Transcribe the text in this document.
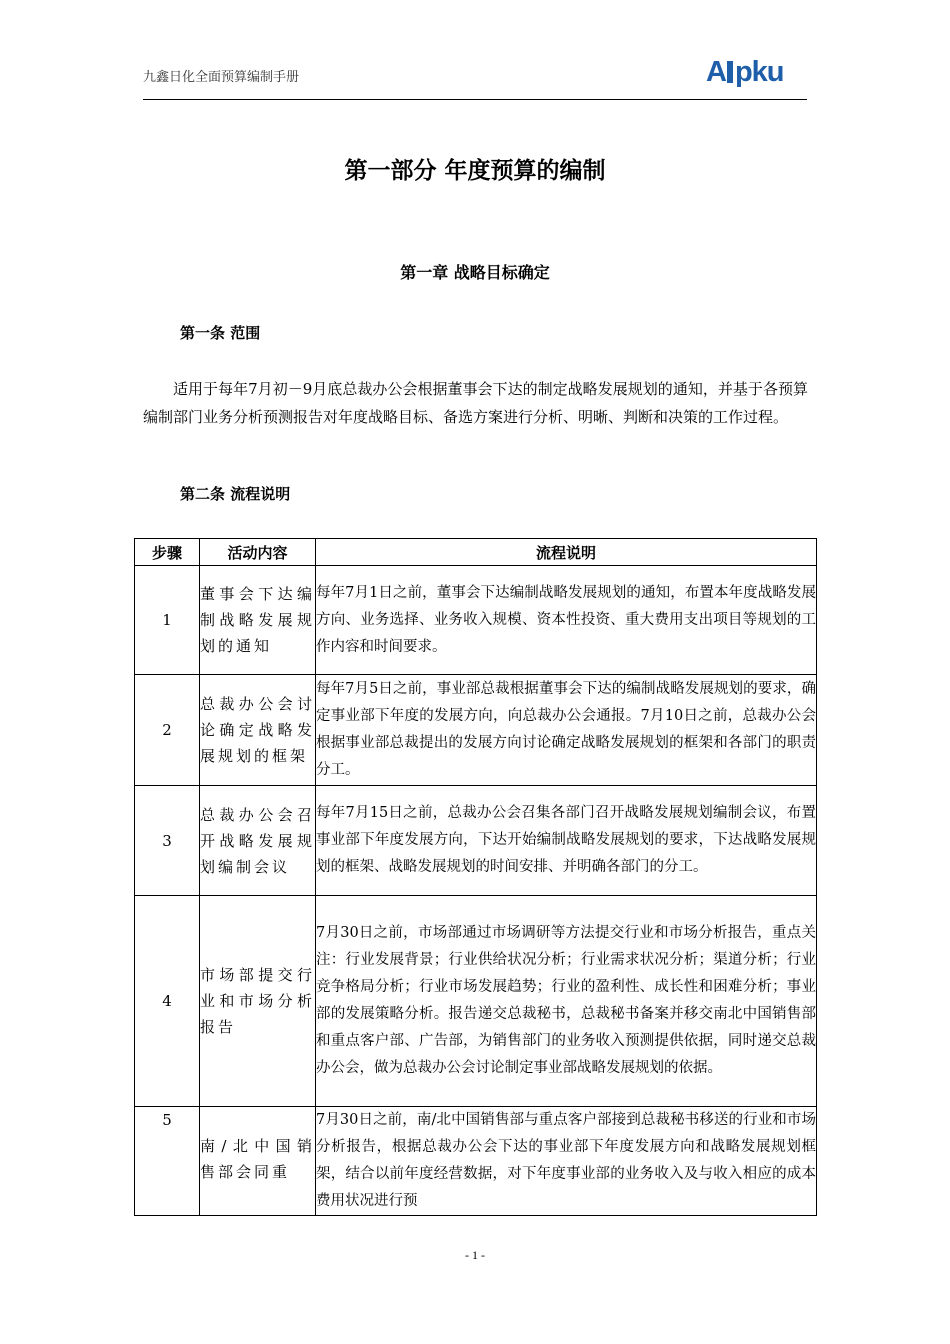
九鑫日化全面预算编制手册	A pku
第一部分 年度预算的编制
第一章 战略目标确定
第一条 范围
适用于每年7月初－9月底总裁办公会根据董事会下达的制定战略发展规划的通知，并基于各预算编制部门业务分析预测报告对年度战略目标、备选方案进行分析、明晰、判断和决策的工作过程。
第二条 流程说明
步骤	活动内容	流程说明
1	董事会下达编制战略发展规划的通知	每年7月1日之前，董事会下达编制战略发展规划的通知，布置本年度战略发展方向、业务选择、业务收入规模、资本性投资、重大费用支出项目等规划的工作内容和时间要求。
2	总裁办公会讨论确定战略发展规划的框架	每年7月5日之前，事业部总裁根据董事会下达的编制战略发展规划的要求，确定事业部下年度的发展方向，向总裁办公会通报。7月10日之前，总裁办公会根据事业部总裁提出的发展方向讨论确定战略发展规划的框架和各部门的职责分工。
3	总裁办公会召开战略发展规划编制会议	每年7月15日之前，总裁办公会召集各部门召开战略发展规划编制会议，布置事业部下年度发展方向，下达开始编制战略发展规划的要求，下达战略发展规划的框架、战略发展规划的时间安排、并明确各部门的分工。
4	市场部提交行业和市场分析报告	7月30日之前，市场部通过市场调研等方法提交行业和市场分析报告，重点关注：行业发展背景；行业供给状况分析；行业需求状况分析；渠道分析；行业竞争格局分析；行业市场发展趋势；行业的盈利性、成长性和困难分析；事业部的发展策略分析。报告递交总裁秘书，总裁秘书备案并移交南北中国销售部和重点客户部、广告部，为销售部门的业务收入预测提供依据，同时递交总裁办公会，做为总裁办公会讨论制定事业部战略发展规划的依据。
5	南/北中国销售部会同重	7月30日之前，南/北中国销售部与重点客户部接到总裁秘书移送的行业和市场分析报告，根据总裁办公会下达的事业部下年度发展方向和战略发展规划框架，结合以前年度经营数据，对下年度事业部的业务收入及与收入相应的成本费用状况进行预
- 1 -
